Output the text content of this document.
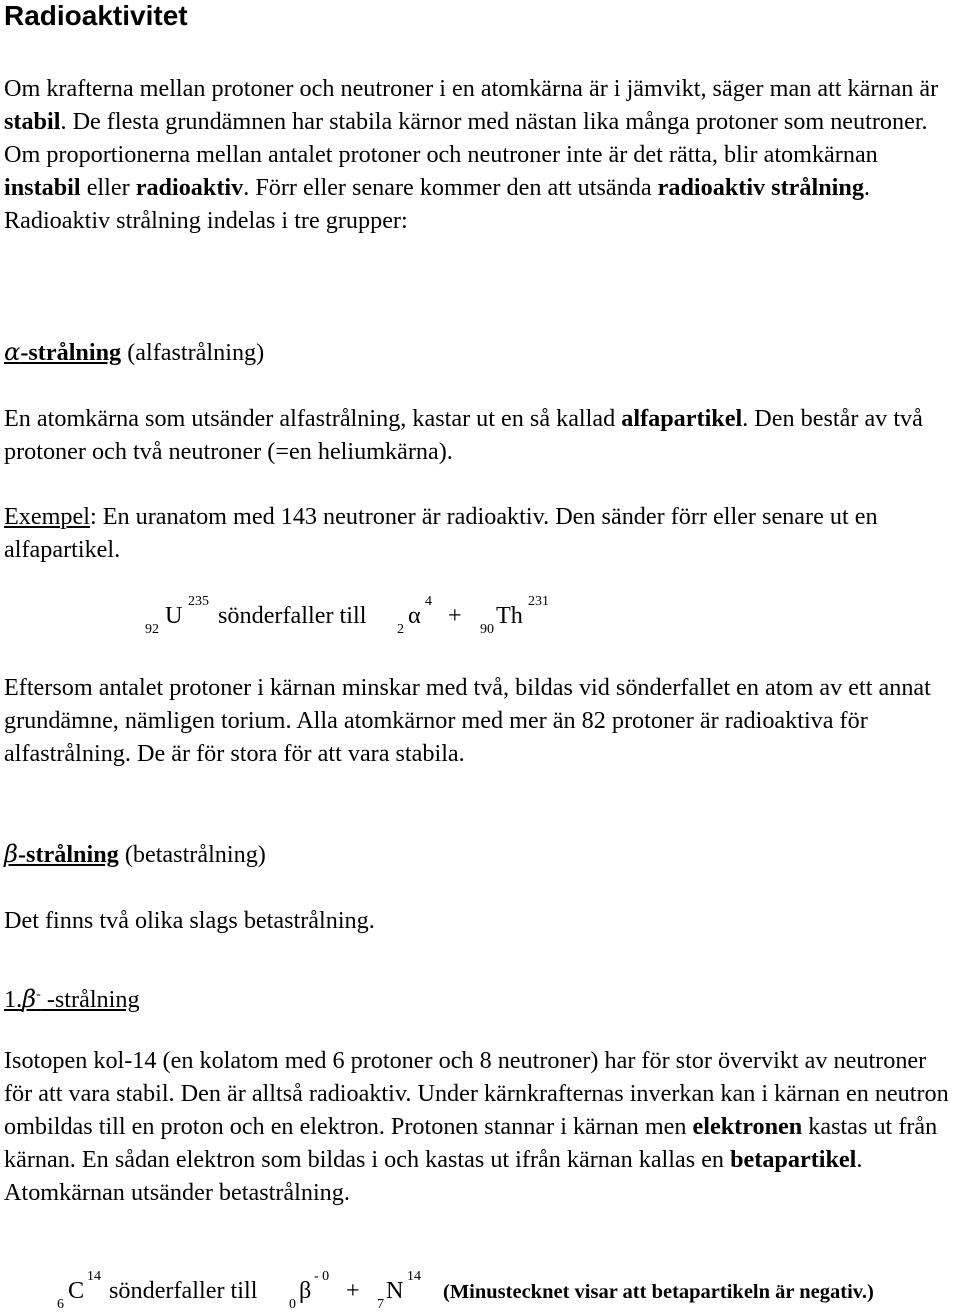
Radioaktivitet

Om krafterna mellan protoner och neutroner i en atomkärna är i jämvikt, säger man att kärnan är stabil. De flesta grundämnen har stabila kärnor med nästan lika många protoner som neutroner. Om proportionerna mellan antalet protoner och neutroner inte är det rätta, blir atomkärnan instabil eller radioaktiv. Förr eller senare kommer den att utsända radioaktiv strålning. Radioaktiv strålning indelas i tre grupper:

α-strålning (alfastrålning)

En atomkärna som utsänder alfastrålning, kastar ut en så kallad alfapartikel. Den består av två protoner och två neutroner (=en heliumkärna).

Exempel: En uranatom med 143 neutroner är radioaktiv. Den sänder förr eller senare ut en alfapartikel.

92
U
235
sönderfaller till
2
α
4
+
90
Th
231

Eftersom antalet protoner i kärnan minskar med två, bildas vid sönderfallet en atom av ett annat grundämne, nämligen torium. Alla atomkärnor med mer än 82 protoner är radioaktiva för alfastrålning. De är för stora för att vara stabila.

β-strålning (betastrålning)

Det finns två olika slags betastrålning.

1.β- -strålning

Isotopen kol-14 (en kolatom med 6 protoner och 8 neutroner) har för stor övervikt av neutroner för att vara stabil. Den är alltså radioaktiv. Under kärnkrafternas inverkan kan i kärnan en neutron ombildas till en proton och en elektron. Protonen stannar i kärnan men elektronen kastas ut från kärnan. En sådan elektron som bildas i och kastas ut ifrån kärnan kallas en betapartikel. Atomkärnan utsänder betastrålning.

6
C
14
sönderfaller till
0
β
- 0
+
7
N
14
(Minustecknet visar att betapartikeln är negativ.)
